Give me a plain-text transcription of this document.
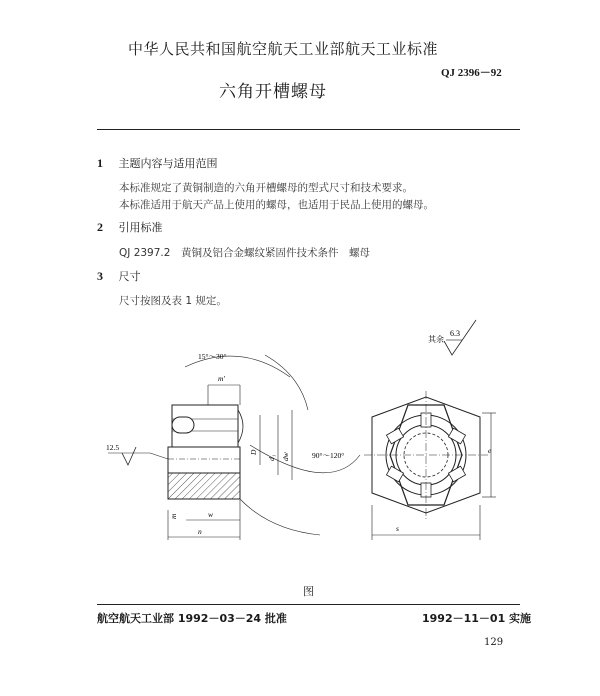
中华人民共和国航空航天工业部航天工业标准
QJ 2396－92
六角开槽螺母
1 主题内容与适用范围
本标准规定了黄铜制造的六角开槽螺母的型式尺寸和技术要求。
本标准适用于航天产品上使用的螺母，也适用于民品上使用的螺母。
2 引用标准
QJ 2397.2　黄铜及铝合金螺纹紧固件技术条件　螺母
3 尺寸
尺寸按图及表 1 规定。
其余
6.3
12.5
15°～30°
m′
D
d₁ dw
m	w
n
90°～120°
e
s
图
航空航天工业部 1992－03－24 批准	1992－11－01 实施
129
